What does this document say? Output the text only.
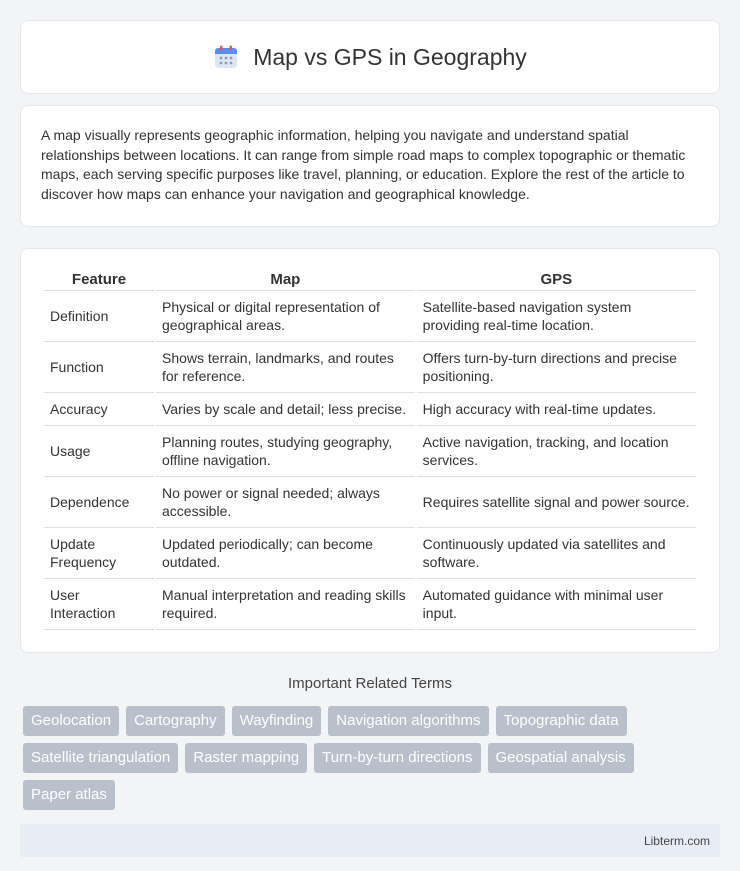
Map vs GPS in Geography

A map visually represents geographic information, helping you navigate and understand spatial relationships between locations. It can range from simple road maps to complex topographic or thematic maps, each serving specific purposes like travel, planning, or education. Explore the rest of the article to discover how maps can enhance your navigation and geographical knowledge.

Feature	Map	GPS
Definition	Physical or digital representation of geographical areas.	Satellite-based navigation system providing real-time location.
Function	Shows terrain, landmarks, and routes for reference.	Offers turn-by-turn directions and precise positioning.
Accuracy	Varies by scale and detail; less precise.	High accuracy with real-time updates.
Usage	Planning routes, studying geography, offline navigation.	Active navigation, tracking, and location services.
Dependence	No power or signal needed; always accessible.	Requires satellite signal and power source.
Update Frequency	Updated periodically; can become outdated.	Continuously updated via satellites and software.
User Interaction	Manual interpretation and reading skills required.	Automated guidance with minimal user input.
Important Related Terms
Geolocation	Cartography	Wayfinding	Navigation algorithms	Topographic data
Satellite triangulation	Raster mapping	Turn-by-turn directions	Geospatial analysis
Paper atlas
Libterm.com
